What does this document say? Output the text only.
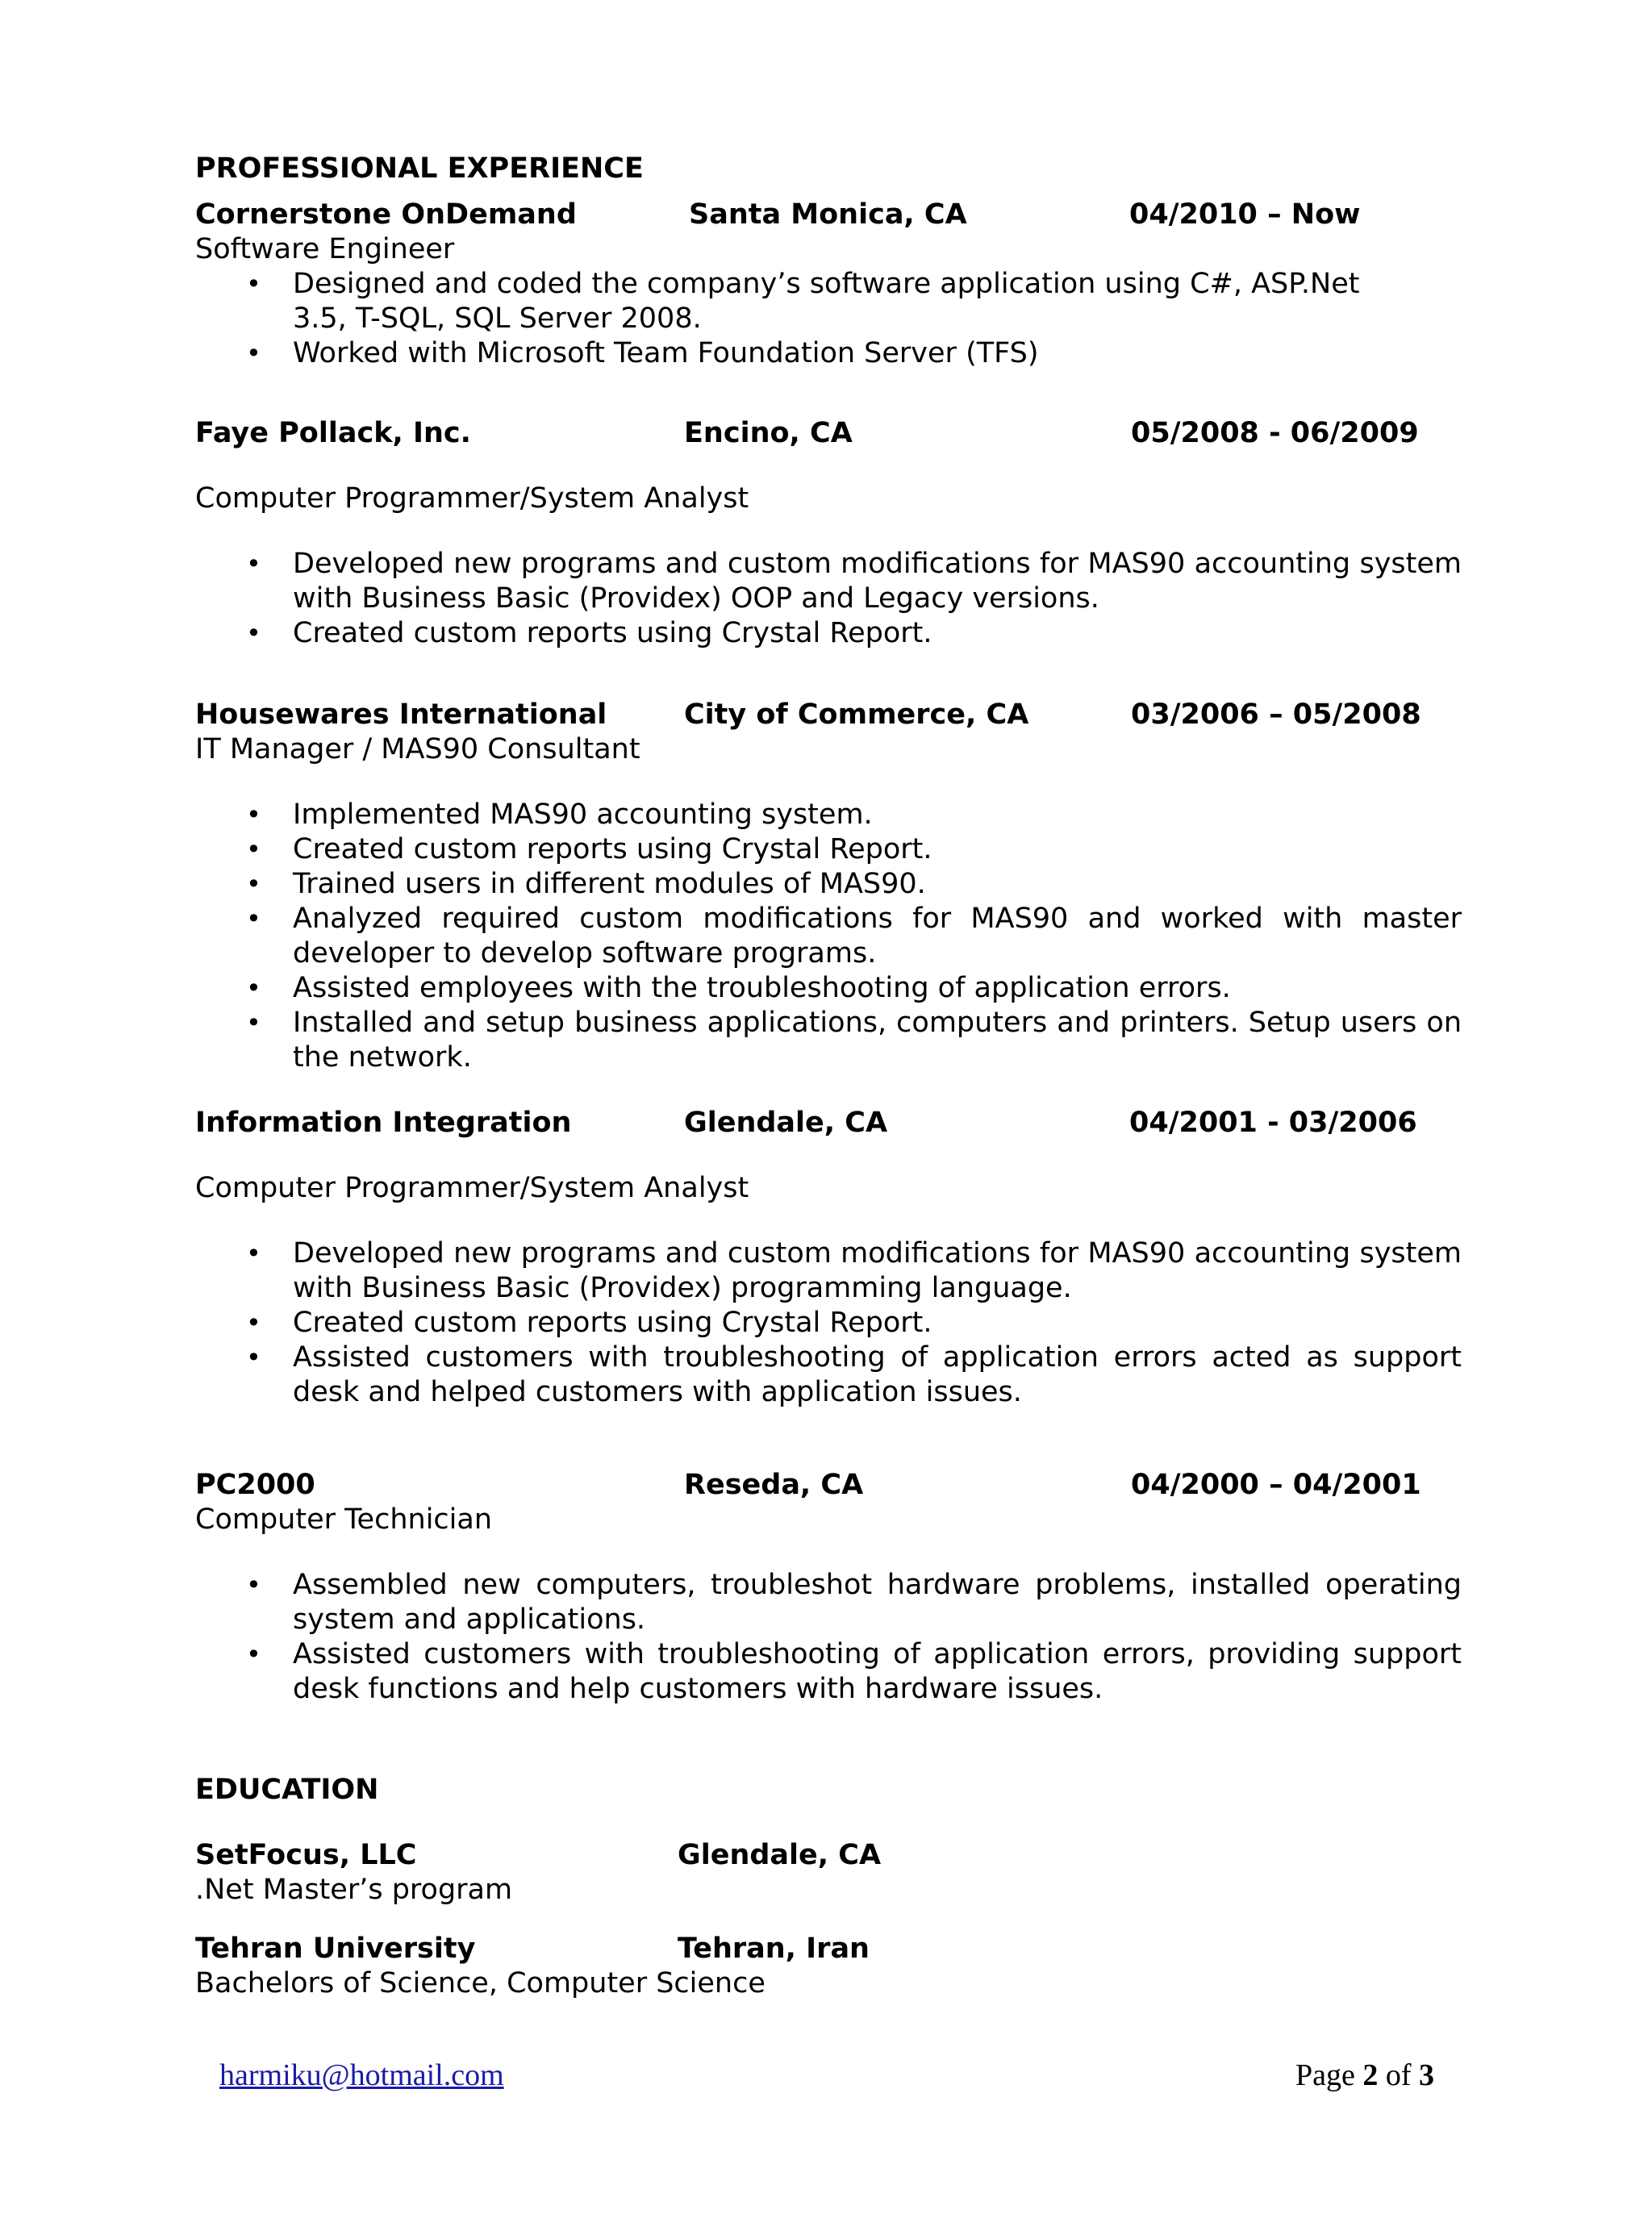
PROFESSIONAL EXPERIENCE
Cornerstone OnDemand	Santa Monica, CA	04/2010 – Now
Software Engineer
• Designed and coded the company’s software application using C#, ASP.Net 3.5, T-SQL, SQL Server 2008.
• Worked with Microsoft Team Foundation Server (TFS)
Faye Pollack, Inc.	Encino, CA	05/2008 - 06/2009
Computer Programmer/System Analyst
• Developed new programs and custom modifications for MAS90 accounting system with Business Basic (Providex) OOP and Legacy versions.
• Created custom reports using Crystal Report.
Housewares International	City of Commerce, CA	03/2006 – 05/2008
IT Manager / MAS90 Consultant
• Implemented MAS90 accounting system.
• Created custom reports using Crystal Report.
• Trained users in different modules of MAS90.
• Analyzed required custom modifications for MAS90 and worked with master developer to develop software programs.
• Assisted employees with the troubleshooting of application errors.
• Installed and setup business applications, computers and printers. Setup users on the network.
Information Integration	Glendale, CA	04/2001 - 03/2006
Computer Programmer/System Analyst
• Developed new programs and custom modifications for MAS90 accounting system with Business Basic (Providex) programming language.
• Created custom reports using Crystal Report.
• Assisted customers with troubleshooting of application errors acted as support desk and helped customers with application issues.
PC2000	Reseda, CA	04/2000 – 04/2001
Computer Technician
• Assembled new computers, troubleshot hardware problems, installed operating system and applications.
• Assisted customers with troubleshooting of application errors, providing support desk functions and help customers with hardware issues.
EDUCATION
SetFocus, LLC	Glendale, CA
.Net Master’s program
Tehran University	Tehran, Iran
Bachelors of Science, Computer Science
harmiku@hotmail.com	Page 2 of 3
